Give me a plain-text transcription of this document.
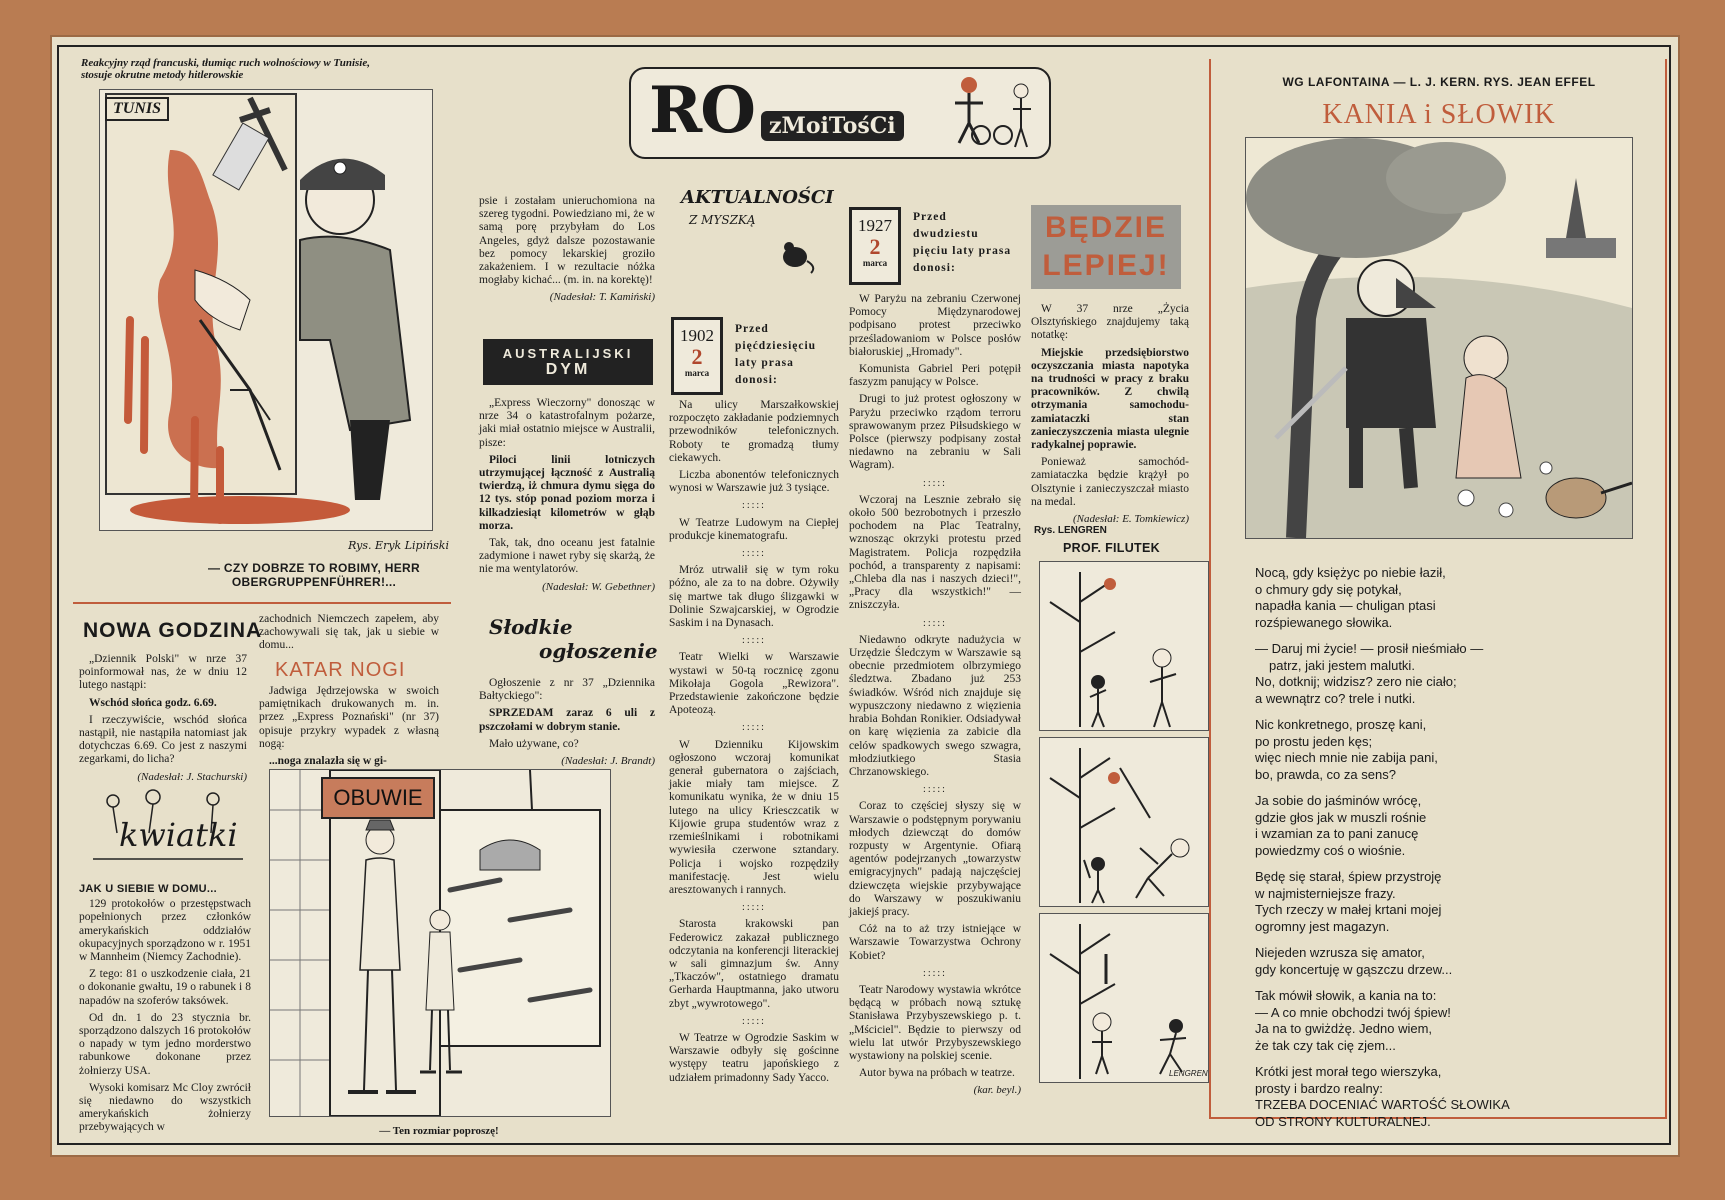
Reakcyjny rząd francuski, tłumiąc ruch wolnościowy w Tunisie, stosuje okrutne metody hitlerowskie
TUNIS
Rys. Eryk Lipiński
— CZY DOBRZE TO ROBIMY, HERR OBERGRUPPENFÜHRER!...
RO zMoiTośCi
AKTUALNOŚCI
Z MYSZKĄ

psie i zostałam unieruchomiona na szereg tygodni. Powiedziano mi, że w samą porę przybyłam do Los Angeles, gdyż dalsze pozostawanie bez pomocy lekarskiej groziło zakażeniem. I w rezultacie nóżka mogłaby kichać... (m. in. na korektę)!

(Nadesłał: T. Kamiński)
AUSTRALIJSKI
DYM

„Express Wieczorny" donosząc w nrze 34 o katastrofalnym pożarze, jaki miał ostatnio miejsce w Australii, pisze:

Piloci linii lotniczych utrzymującej łączność z Australią twierdzą, iż chmura dymu sięga do 12 tys. stóp ponad poziom morza i kilkadziesiąt kilometrów w głąb morza.

Tak, tak, dno oceanu jest fatalnie zadymione i nawet ryby się skarżą, że nie ma wentylatorów.

(Nadesłał: W. Gebethner)
Słodkie
ogłoszenie

Ogłoszenie z nr 37 „Dziennika Bałtyckiego":

SPRZEDAM zaraz 6 uli z pszczołami w dobrym stanie.

Mało używane, co?

(Nadesłał: J. Brandt)
1902
2
marca
Przed pięćdziesięciu laty prasa donosi:

Na ulicy Marszałkowskiej rozpoczęto zakładanie podziemnych przewodników telefonicznych. Roboty te gromadzą tłumy ciekawych.

Liczba abonentów telefonicznych wynosi w Warszawie już 3 tysiące.

:::::

W Teatrze Ludowym na Ciepłej produkcje kinematografu.

:::::

Mróz utrwalił się w tym roku późno, ale za to na dobre. Ożywiły się martwe tak długo ślizgawki w Dolinie Szwajcarskiej, w Ogrodzie Saskim i na Dynasach.

:::::

Teatr Wielki w Warszawie wystawi w 50-tą rocznicę zgonu Mikołaja Gogola „Rewizora". Przedstawienie zakończone będzie Apoteozą.

:::::

W Dzienniku Kijowskim ogłoszono wczoraj komunikat generał gubernatora o zajściach, jakie miały tam miejsce. Z komunikatu wynika, że w dniu 15 lutego na ulicy Kriesczcatik w Kijowie grupa studentów wraz z rzemieślnikami i robotnikami wywiesiła czerwone sztandary. Policja i wojsko rozpędziły manifestację. Jest wielu aresztowanych i rannych.

:::::

Starosta krakowski pan Federowicz zakazał publicznego odczytania na konferencji literackiej w sali gimnazjum św. Anny „Tkaczów", ostatniego dramatu Gerharda Hauptmanna, jako utworu zbyt „wywrotowego".

:::::

W Teatrze w Ogrodzie Saskim w Warszawie odbyły się gościnne występy teatru japońskiego z udziałem primadonny Sady Yacco.

1927
2
marca
Przed dwudziestu pięciu laty prasa donosi:

W Paryżu na zebraniu Czerwonej Pomocy Międzynarodowej podpisano protest przeciwko prześladowaniom w Polsce posłów białoruskiej „Hromady".

Komunista Gabriel Peri potępił faszyzm panujący w Polsce.

Drugi to już protest ogłoszony w Paryżu przeciwko rządom terroru sprawowanym przez Piłsudskiego w Polsce (pierwszy podpisany został niedawno na zebraniu w Sali Wagram).

:::::

Wczoraj na Lesznie zebrało się około 500 bezrobotnych i przeszło pochodem na Plac Teatralny, wznosząc okrzyki protestu przed Magistratem. Policja rozpędziła pochód, a transparenty z napisami: „Chleba dla nas i naszych dzieci!", „Pracy dla wszystkich!" — zniszczyła.

:::::

Niedawno odkryte nadużycia w Urzędzie Śledczym w Warszawie są obecnie przedmiotem olbrzymiego śledztwa. Zbadano już 253 świadków. Wśród nich znajduje się wypuszczony niedawno z więzienia hrabia Bohdan Ronikier. Odsiadywał on karę więzienia za zabicie dla celów spadkowych swego szwagra, młodziutkiego Stasia Chrzanowskiego.

:::::

Coraz to częściej słyszy się w Warszawie o podstępnym porywaniu młodych dziewcząt do domów rozpusty w Argentynie. Ofiarą agentów podejrzanych „towarzystw emigracyjnych" padają najczęściej dziewczęta wiejskie przybywające do Warszawy w poszukiwaniu jakiejś pracy.

Cóż na to aż trzy istniejące w Warszawie Towarzystwa Ochrony Kobiet?

:::::

Teatr Narodowy wystawia wkrótce będącą w próbach nową sztukę Stanisława Przybyszewskiego p. t. „Mściciel". Będzie to pierwszy od wielu lat utwór Przybyszewskiego wystawiony na polskiej scenie.

Autor bywa na próbach w teatrze.

(kar. beyl.)
BĘDZIE
LEPIEJ!

W 37 nrze „Życia Olsztyńskiego znajdujemy taką notatkę:

Miejskie przedsiębiorstwo oczyszczania miasta napotyka na trudności w pracy z braku pracowników. Z chwilą otrzymania samochodu-zamiataczki stan zanieczyszczenia miasta ulegnie radykalnej poprawie.

Ponieważ samochód-zamiataczka będzie krążył po Olsztynie i zanieczyszczał miasto na medal.

(Nadesłał: E. Tomkiewicz)
Rys. LENGREN
PROF. FILUTEK
LENGREN
NOWA GODZINA

„Dziennik Polski" w nrze 37 poinformował nas, że w dniu 12 lutego nastąpi:

Wschód słońca godz. 6.69.

I rzeczywiście, wschód słońca nastąpił, nie nastąpiła natomiast jak dotychczas 6.69. Co jest z naszymi zegarkami, do licha?

(Nadesłał: J. Stachurski)

zachodnich Niemczech zapełem, aby zachowywali się tak, jak u siebie w domu...

KATAR NOGI

Jadwiga Jędrzejowska w swoich pamiętnikach drukowanych m. in. przez „Express Poznański" (nr 37) opisuje przykry wypadek z własną nogą:

...noga znalazła się w gi-

kwiatki
JAK U SIEBIE W DOMU...

129 protokołów o przestępstwach popełnionych przez członków amerykańskich oddziałów okupacyjnych sporządzono w r. 1951 w Mannheim (Niemcy Zachodnie).

Z tego: 81 o uszkodzenie ciała, 21 o dokonanie gwałtu, 19 o rabunek i 8 napadów na szoferów taksówek.

Od dn. 1 do 23 stycznia br. sporządzono dalszych 16 protokołów o napady w tym jedno morderstwo rabunkowe dokonane przez żołnierzy USA.

Wysoki komisarz Mc Cloy zwrócił się niedawno do wszystkich amerykańskich żołnierzy przebywających w

OBUWIE
— Ten rozmiar poproszę!
WG LAFONTAINA — L. J. KERN. RYS. JEAN EFFEL
KANIA i SŁOWIK
Nocą, gdy księżyc po niebie łaził,
o chmury gdy się potykał,
napadła kania — chuligan ptasi
rozśpiewanego słowika.
— Daruj mi życie! — prosił nieśmiało —
patrz, jaki jestem malutki.
No, dotknij; widzisz? zero nie ciało;
a wewnątrz co? trele i nutki.
Nic konkretnego, proszę kani,
po prostu jeden kęs;
więc niech mnie nie zabija pani,
bo, prawda, co za sens?
Ja sobie do jaśminów wrócę,
gdzie głos jak w muszli rośnie
i wzamian za to pani zanucę
powiedzmy coś o wiośnie.
Będę się starał, śpiew przystroję
w najmisterniejsze frazy.
Tych rzeczy w małej krtani mojej
ogromny jest magazyn.
Niejeden wzrusza się amator,
gdy koncertuję w gąszczu drzew...
Tak mówił słowik, a kania na to:
— A co mnie obchodzi twój śpiew!
Ja na to gwiżdżę. Jedno wiem,
że tak czy tak cię zjem...
Krótki jest morał tego wierszyka,
prosty i bardzo realny:
TRZEBA DOCENIAĆ WARTOŚĆ SŁOWIKA
OD STRONY KULTURALNEJ.
